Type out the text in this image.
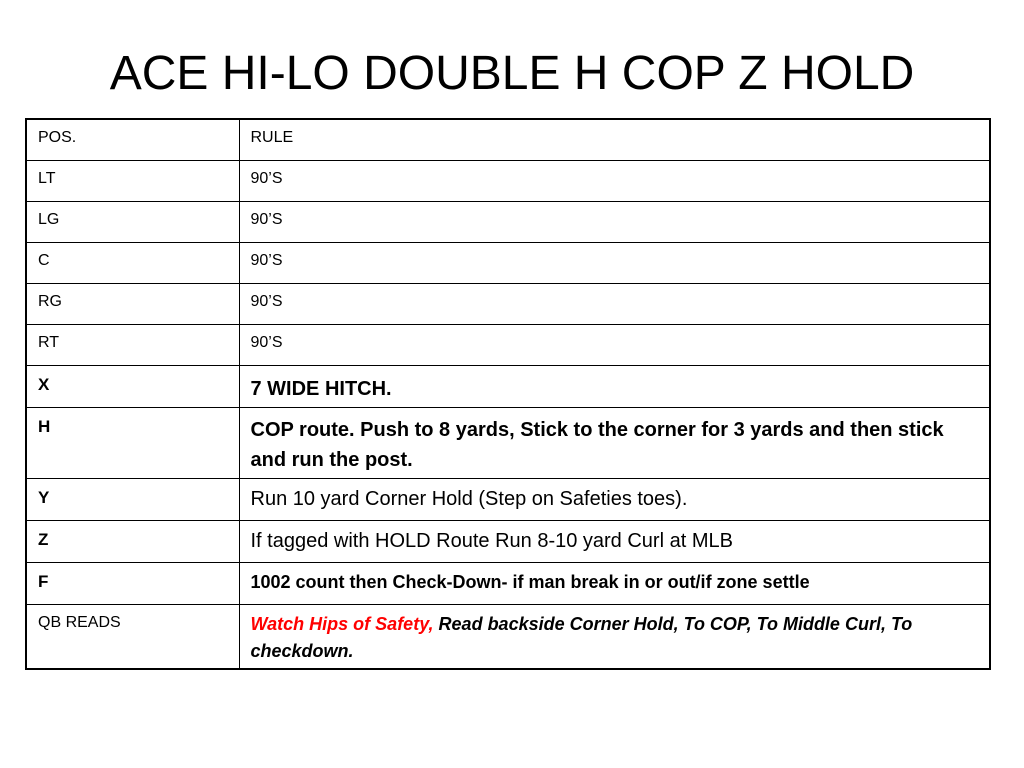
ACE HI-LO DOUBLE H COP Z HOLD
POS.	RULE
LT	90’S
LG	90’S
C	90’S
RG	90’S
RT	90’S
X	7 WIDE HITCH.
H	COP route. Push to 8 yards, Stick to the corner for 3 yards and then stick and run the post.
Y	Run 10 yard Corner Hold (Step on Safeties toes).
Z	If tagged with HOLD Route Run 8-10 yard Curl at MLB
F	1002 count then Check-Down- if man break in or out/if zone settle
QB READS	Watch Hips of Safety, Read backside Corner Hold, To COP, To Middle Curl, To checkdown.
